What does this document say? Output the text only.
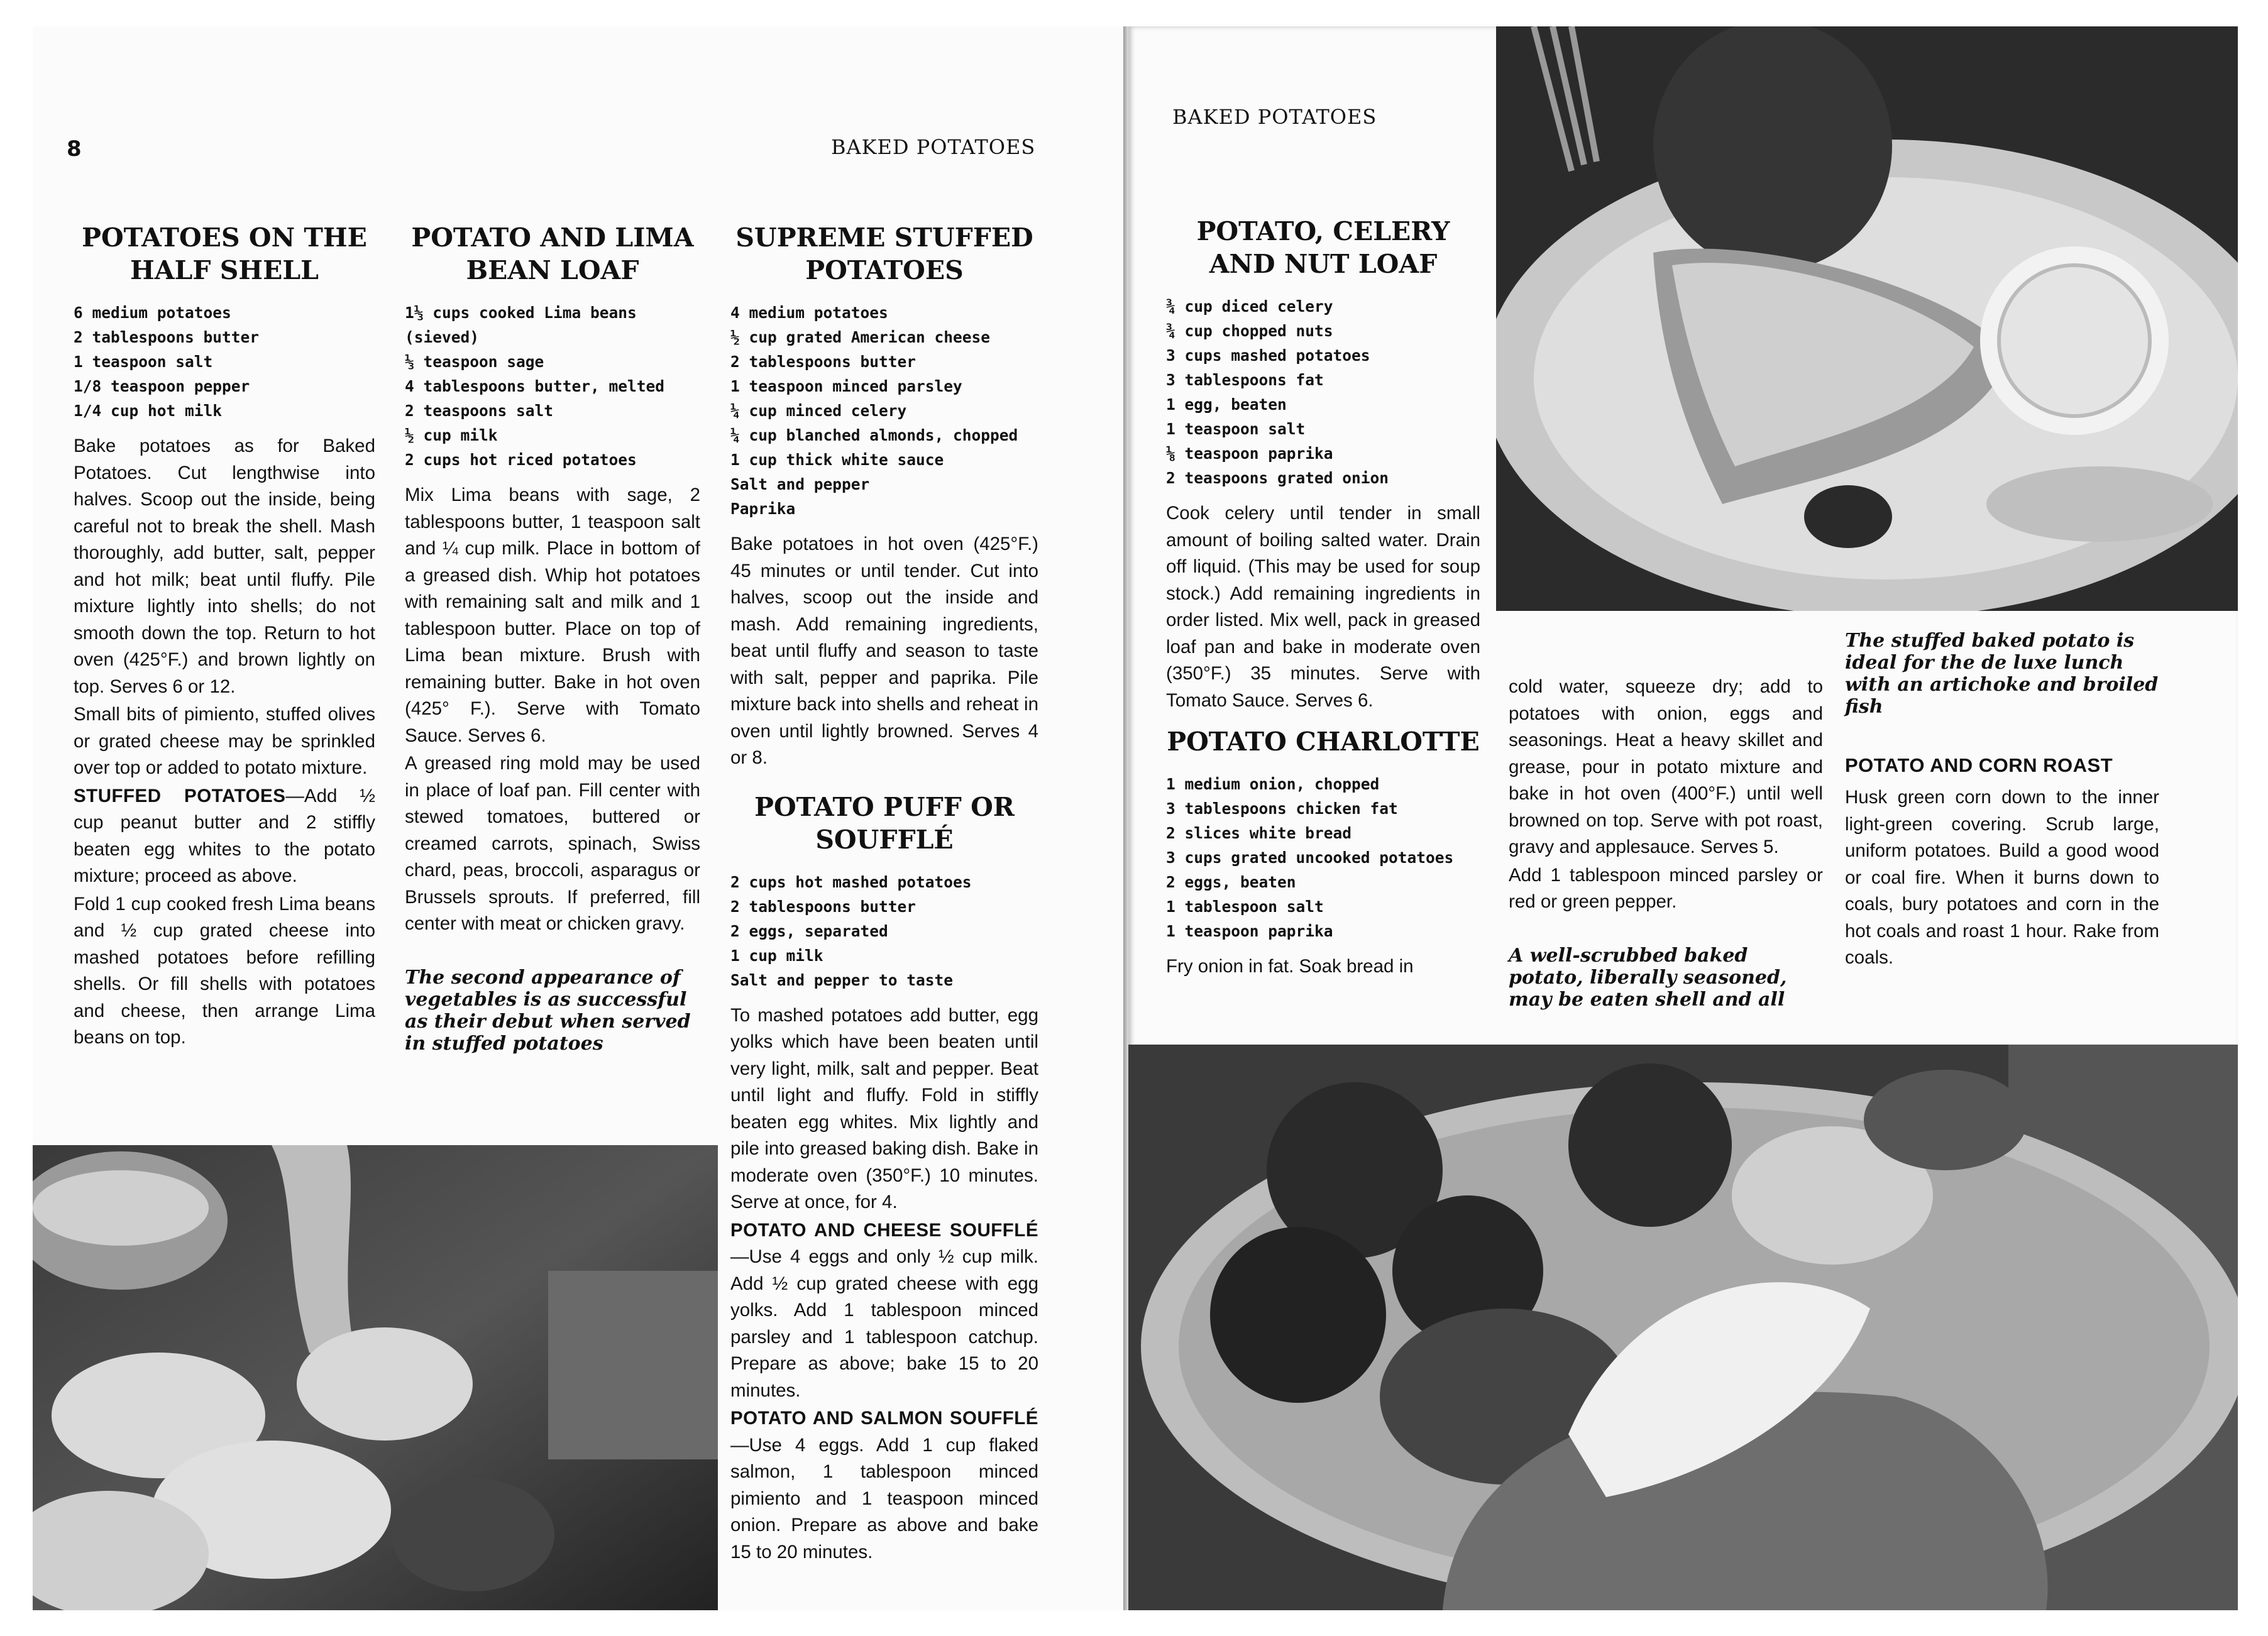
8	BAKED POTATOES
POTATOES ON THE HALF SHELL
6 medium potatoes
2 tablespoons butter
1 teaspoon salt
1/8 teaspoon pepper
1/4 cup hot milk

Bake potatoes as for Baked Potatoes. Cut lengthwise into halves. Scoop out the inside, being careful not to break the shell. Mash thoroughly, add butter, salt, pepper and hot milk; beat until fluffy. Pile mixture lightly into shells; do not smooth down the top. Return to hot oven (425°F.) and brown lightly on top. Serves 6 or 12.

Small bits of pimiento, stuffed olives or grated cheese may be sprinkled over top or added to potato mixture.

STUFFED POTATOES—Add ½ cup peanut butter and 2 stiffly beaten egg whites to the potato mixture; proceed as above.

Fold 1 cup cooked fresh Lima beans and ½ cup grated cheese into mashed potatoes before refilling shells. Or fill shells with potatoes and cheese, then arrange Lima beans on top.

POTATO AND LIMA BEAN LOAF
1⅓ cups cooked Lima beans (sieved)
⅓ teaspoon sage
4 tablespoons butter, melted
2 teaspoons salt
½ cup milk
2 cups hot riced potatoes

Mix Lima beans with sage, 2 tablespoons butter, 1 teaspoon salt and ¼ cup milk. Place in bottom of a greased dish. Whip hot potatoes with remaining salt and milk and 1 tablespoon butter. Place on top of Lima bean mixture. Brush with remaining butter. Bake in hot oven (425° F.). Serve with Tomato Sauce. Serves 6.

A greased ring mold may be used in place of loaf pan. Fill center with stewed tomatoes, buttered or creamed carrots, spinach, Swiss chard, peas, broccoli, asparagus or Brussels sprouts. If preferred, fill center with meat or chicken gravy.

The second appearance of vegetables is as successful as their debut when served in stuffed potatoes
SUPREME STUFFED POTATOES
4 medium potatoes
½ cup grated American cheese
2 tablespoons butter
1 teaspoon minced parsley
¼ cup minced celery
¼ cup blanched almonds, chopped
1 cup thick white sauce
Salt and pepper
Paprika

Bake potatoes in hot oven (425°F.) 45 minutes or until tender. Cut into halves, scoop out the inside and mash. Add remaining ingredients, beat until fluffy and season to taste with salt, pepper and paprika. Pile mixture back into shells and reheat in oven until lightly browned. Serves 4 or 8.

POTATO PUFF OR SOUFFLÉ
2 cups hot mashed potatoes
2 tablespoons butter
2 eggs, separated
1 cup milk
Salt and pepper to taste

To mashed potatoes add butter, egg yolks which have been beaten until very light, milk, salt and pepper. Beat until light and fluffy. Fold in stiffly beaten egg whites. Mix lightly and pile into greased baking dish. Bake in moderate oven (350°F.) 10 minutes. Serve at once, for 4.

POTATO AND CHEESE SOUFFLÉ—Use 4 eggs and only ½ cup milk. Add ½ cup grated cheese with egg yolks. Add 1 tablespoon minced parsley and 1 tablespoon catchup. Prepare as above; bake 15 to 20 minutes.

POTATO AND SALMON SOUFFLÉ—Use 4 eggs. Add 1 cup flaked salmon, 1 tablespoon minced pimiento and 1 teaspoon minced onion. Prepare as above and bake 15 to 20 minutes.

BAKED POTATOES
POTATO, CELERY AND NUT LOAF
¾ cup diced celery
¾ cup chopped nuts
3 cups mashed potatoes
3 tablespoons fat
1 egg, beaten
1 teaspoon salt
⅛ teaspoon paprika
2 teaspoons grated onion

Cook celery until tender in small amount of boiling salted water. Drain off liquid. (This may be used for soup stock.) Add remaining ingredients in order listed. Mix well, pack in greased loaf pan and bake in moderate oven (350°F.) 35 minutes. Serve with Tomato Sauce. Serves 6.

POTATO CHARLOTTE
1 medium onion, chopped
3 tablespoons chicken fat
2 slices white bread
3 cups grated uncooked potatoes
2 eggs, beaten
1 tablespoon salt
1 teaspoon paprika

Fry onion in fat. Soak bread in

cold water, squeeze dry; add to potatoes with onion, eggs and seasonings. Heat a heavy skillet and grease, pour in potato mixture and bake in hot oven (400°F.) until well browned on top. Serve with pot roast, gravy and applesauce. Serves 5.

Add 1 tablespoon minced parsley or red or green pepper.

A well-scrubbed baked potato, liberally seasoned, may be eaten shell and all
The stuffed baked potato is ideal for the de luxe lunch with an artichoke and broiled fish
POTATO AND CORN ROAST

Husk green corn down to the inner light-green covering. Scrub large, uniform potatoes. Build a good wood or coal fire. When it burns down to coals, bury potatoes and corn in the hot coals and roast 1 hour. Rake from coals.
